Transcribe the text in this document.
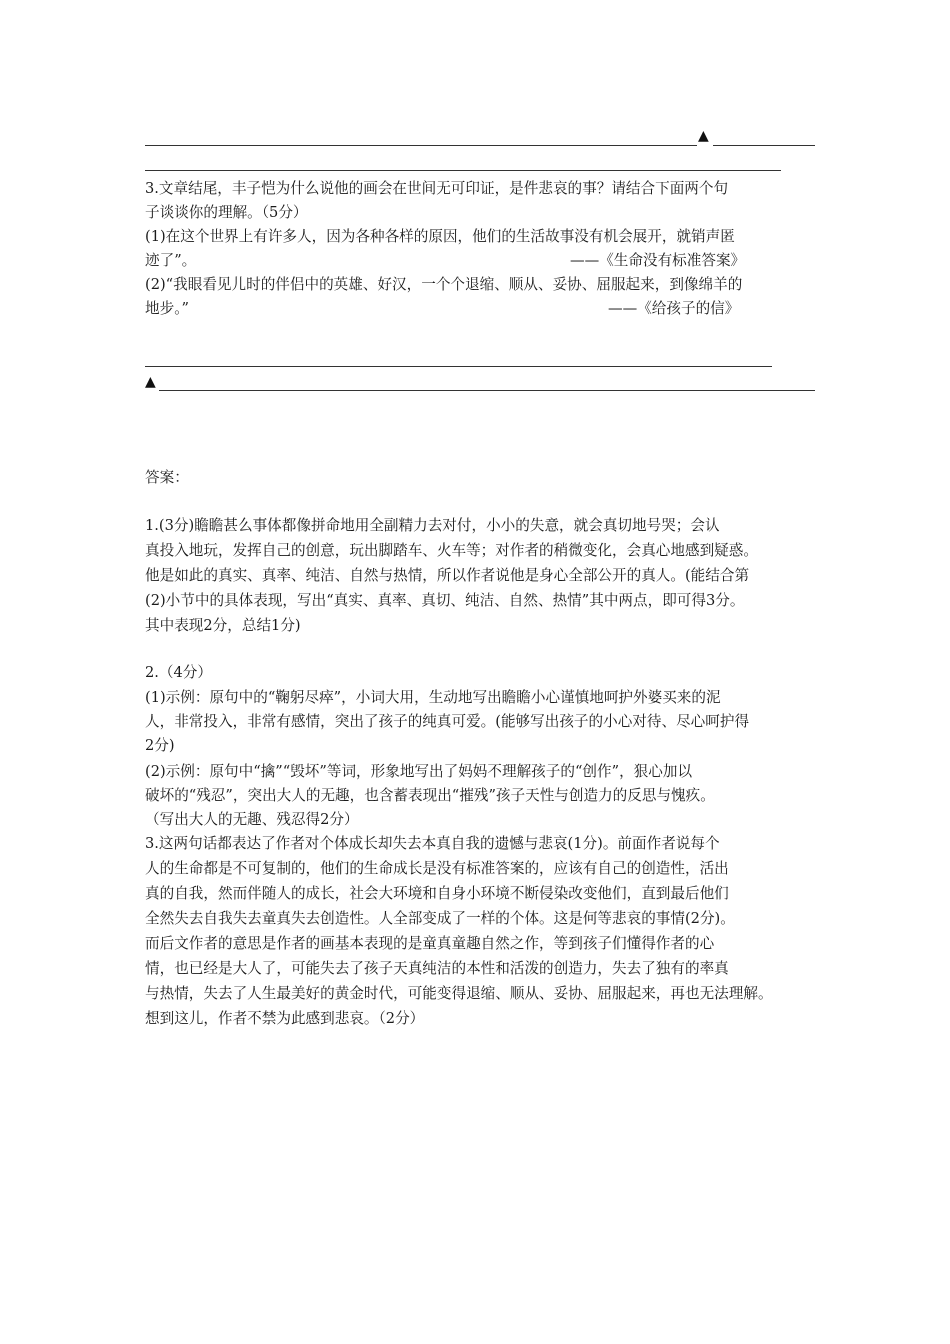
▲
3.文章结尾，丰子恺为什么说他的画会在世间无可印证，是件悲哀的事？请结合下面两个句
子谈谈你的理解。（5分）
(1)在这个世界上有许多人，因为各种各样的原因，他们的生活故事没有机会展开，就销声匿
迹了”。	——《生命没有标准答案》
(2)“我眼看见儿时的伴侣中的英雄、好汉，一个个退缩、顺从、妥协、屈服起来，到像绵羊的
地步。”	——《给孩子的信》
▲
答案：
1.(3分)瞻瞻甚么事体都像拼命地用全副精力去对付，小小的失意，就会真切地号哭；会认
真投入地玩，发挥自己的创意，玩出脚踏车、火车等；对作者的稍微变化，会真心地感到疑惑。
他是如此的真实、真率、纯洁、自然与热情，所以作者说他是身心全部公开的真人。(能结合第
(2)小节中的具体表现，写出“真实、真率、真切、纯洁、自然、热情”其中两点，即可得3分。
其中表现2分，总结1分)
2.（4分）
(1)示例：原句中的“鞠躬尽瘁”，小词大用，生动地写出瞻瞻小心谨慎地呵护外婆买来的泥
人，非常投入，非常有感情，突出了孩子的纯真可爱。(能够写出孩子的小心对待、尽心呵护得
2分)
(2)示例：原句中“擒”“毁坏”等词，形象地写出了妈妈不理解孩子的“创作”，狠心加以
破坏的“残忍”，突出大人的无趣，也含蓄表现出“摧残”孩子天性与创造力的反思与愧疚。
（写出大人的无趣、残忍得2分）
3.这两句话都表达了作者对个体成长却失去本真自我的遗憾与悲哀(1分)。前面作者说每个
人的生命都是不可复制的，他们的生命成长是没有标准答案的，应该有自己的创造性，活出
真的自我，然而伴随人的成长，社会大环境和自身小环境不断侵染改变他们，直到最后他们
全然失去自我失去童真失去创造性。人全部变成了一样的个体。这是何等悲哀的事情(2分)。
而后文作者的意思是作者的画基本表现的是童真童趣自然之作，等到孩子们懂得作者的心
情，也已经是大人了，可能失去了孩子天真纯洁的本性和活泼的创造力，失去了独有的率真
与热情，失去了人生最美好的黄金时代，可能变得退缩、顺从、妥协、屈服起来，再也无法理解。
想到这儿，作者不禁为此感到悲哀。（2分）
